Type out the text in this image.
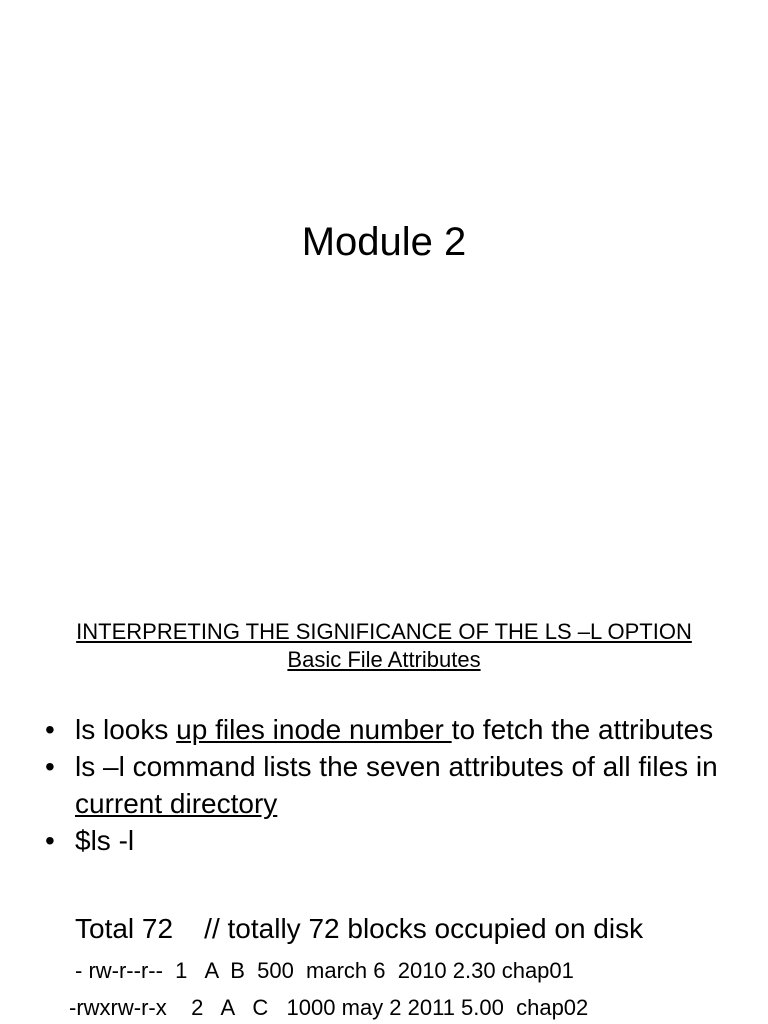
Module 2
INTERPRETING THE SIGNIFICANCE OF THE LS –L OPTION
Basic File Attributes
• ls looks up files inode number to fetch the attributes
• ls –l command lists the seven attributes of all files in current directory
• $ls -l
Total 72    // totally 72 blocks occupied on disk
- rw-r--r--  1   A  B  500  march 6  2010 2.30 chap01
-rwxrw-r-x    2   A   C   1000 may 2 2011 5.00  chap02
